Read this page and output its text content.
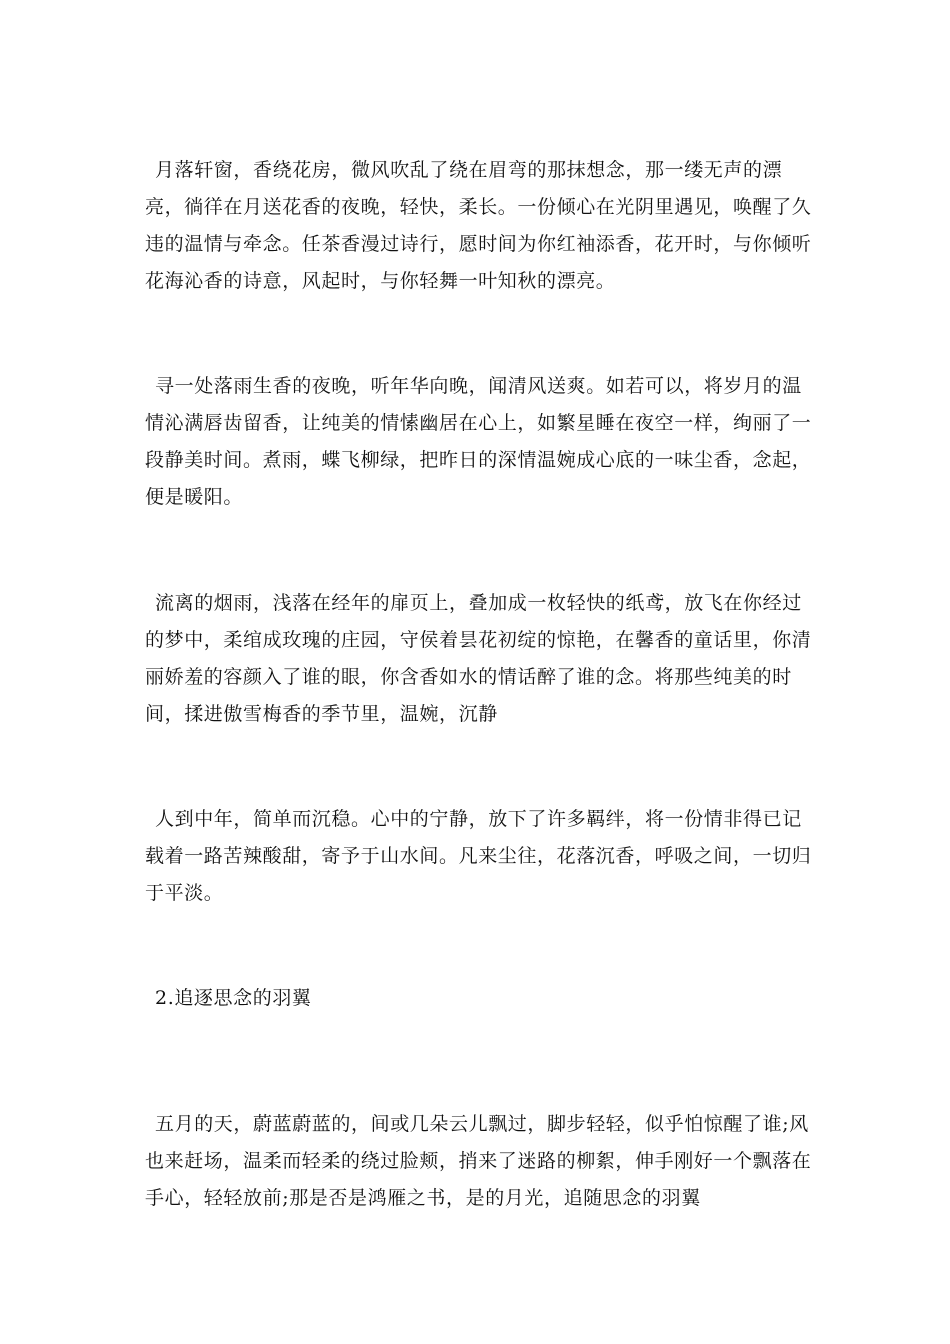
月落轩窗，香绕花房，微风吹乱了绕在眉弯的那抹想念，那一缕无声的漂亮，徜徉在月送花香的夜晚，轻快，柔长。一份倾心在光阴里遇见，唤醒了久违的温情与牵念。任茶香漫过诗行，愿时间为你红袖添香，花开时，与你倾听花海沁香的诗意，风起时，与你轻舞一叶知秋的漂亮。

寻一处落雨生香的夜晚，听年华向晚，闻清风送爽。如若可以，将岁月的温情沁满唇齿留香，让纯美的情愫幽居在心上，如繁星睡在夜空一样，绚丽了一段静美时间。煮雨，蝶飞柳绿，把昨日的深情温婉成心底的一味尘香，念起，便是暖阳。

流离的烟雨，浅落在经年的扉页上，叠加成一枚轻快的纸鸢，放飞在你经过的梦中，柔绾成玫瑰的庄园，守侯着昙花初绽的惊艳，在馨香的童话里，你清丽娇羞的容颜入了谁的眼，你含香如水的情话醉了谁的念。将那些纯美的时间，揉进傲雪梅香的季节里，温婉，沉静

人到中年，简单而沉稳。心中的宁静，放下了许多羁绊，将一份情非得已记载着一路苦辣酸甜，寄予于山水间。凡来尘往，花落沉香，呼吸之间，一切归于平淡。

2.追逐思念的羽翼

五月的天，蔚蓝蔚蓝的，间或几朵云儿飘过，脚步轻轻，似乎怕惊醒了谁;风也来赶场，温柔而轻柔的绕过脸颊，捎来了迷路的柳絮，伸手刚好一个飘落在手心，轻轻放前;那是否是鸿雁之书，是的月光，追随思念的羽翼
